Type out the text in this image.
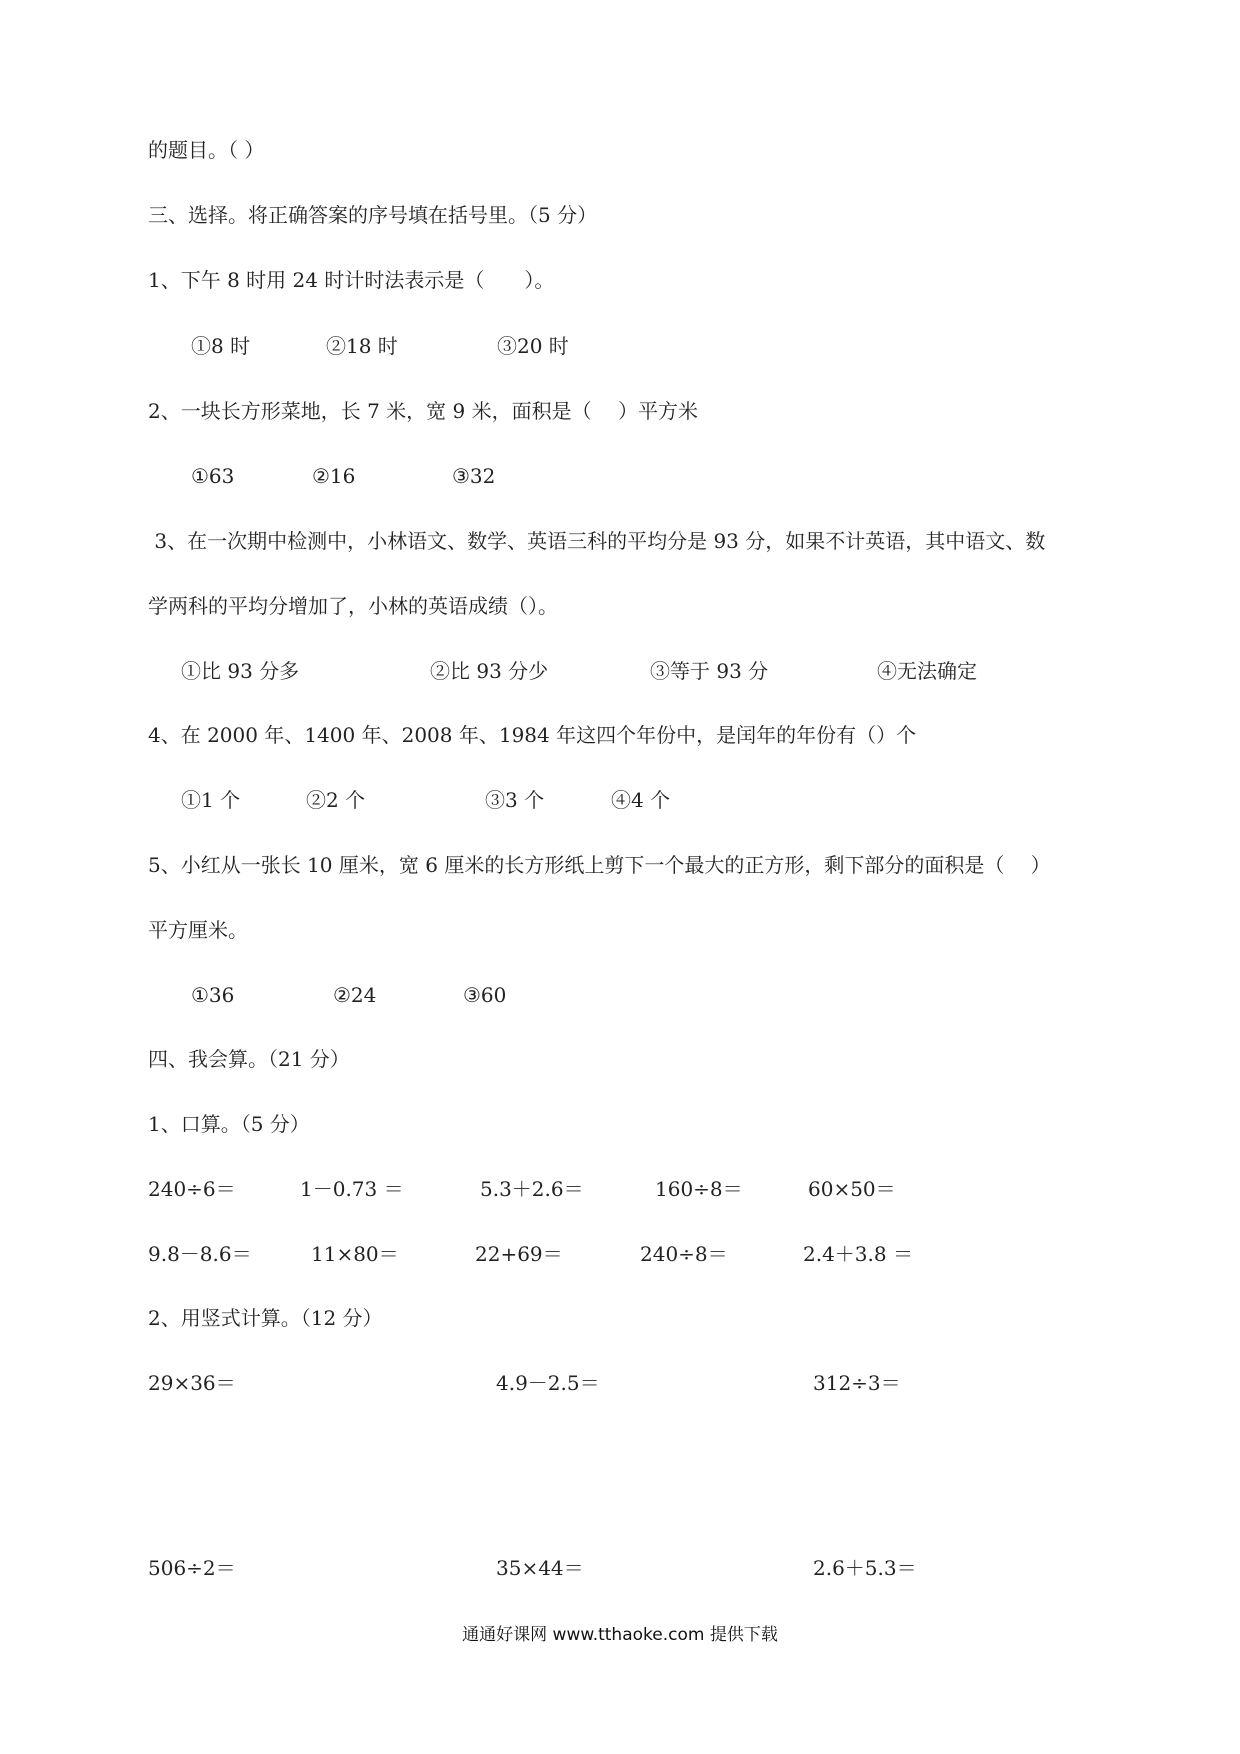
的题目。（ ）
三、选择。将正确答案的序号填在括号里。（5 分）
1、下午 8 时用 24 时计时法表示是（　　）。
①8 时	②18 时	③20 时
2、一块长方形菜地，长 7 米，宽 9 米，面积是（　 ）平方米
①63	②16	③32
3、在一次期中检测中，小林语文、数学、英语三科的平均分是 93 分，如果不计英语，其中语文、数
学两科的平均分增加了，小林的英语成绩（）。
①比 93 分多	②比 93 分少	③等于 93 分	④无法确定
4、在 2000 年、1400 年、2008 年、1984 年这四个年份中，是闰年的年份有（）个
①1 个	②2 个	③3 个	④4 个
5、小红从一张长 10 厘米，宽 6 厘米的长方形纸上剪下一个最大的正方形，剩下部分的面积是（　 ）
平方厘米。
①36	②24	③60
四、我会算。（21 分）
1、口算。（5 分）
240÷6＝	1－0.73 ＝	5.3＋2.6＝	160÷8＝	60×50＝
9.8－8.6＝	11×80＝	22+69＝	240÷8＝	2.4＋3.8 ＝
2、用竖式计算。（12 分）
29×36＝	4.9－2.5＝	312÷3＝
506÷2＝	35×44＝	2.6＋5.3＝
通通好课网 www.tthaoke.com 提供下载
